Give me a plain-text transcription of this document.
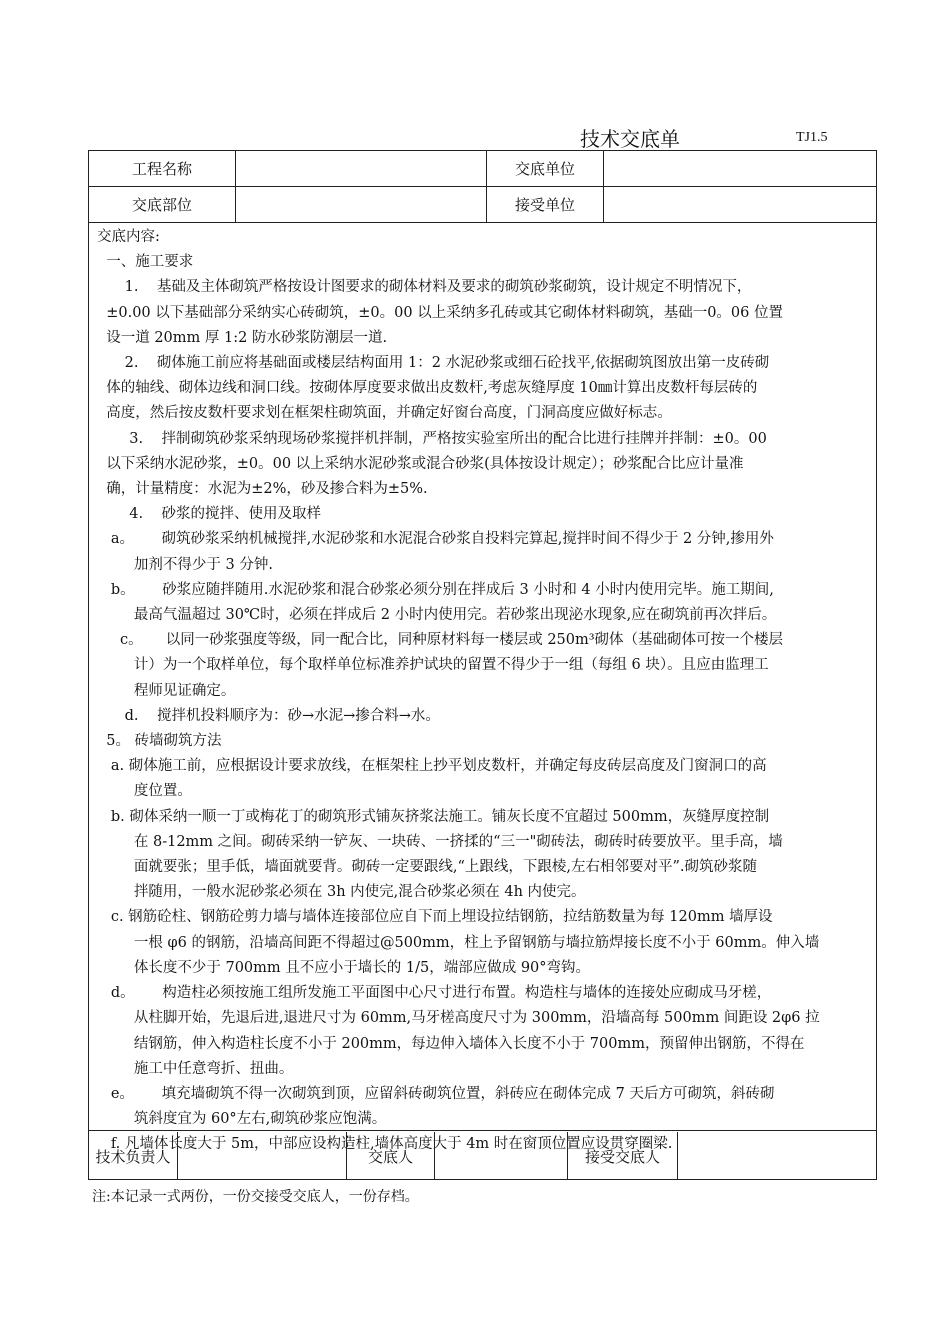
技术交底单	TJ1.5
工程名称	交底单位
交底部位	接受单位

交底内容:

一、施工要求

1.    基础及主体砌筑严格按设计图要求的砌体材料及要求的砌筑砂浆砌筑，设计规定不明情况下，

±0.00 以下基础部分采纳实心砖砌筑，±0。00 以上采纳多孔砖或其它砌体材料砌筑，基础一0。06 位置

设一道 20mm 厚 1:2 防水砂浆防潮层一道.

2.    砌体施工前应将基础面或楼层结构面用 1：2 水泥砂浆或细石砼找平,依据砌筑图放出第一皮砖砌

体的轴线、砌体边线和洞口线。按砌体厚度要求做出皮数杆,考虑灰缝厚度 10㎜计算出皮数杆每层砖的

高度，然后按皮数杆要求划在框架柱砌筑面，并确定好窗台高度，门洞高度应做好标志。

3.    拌制砌筑砂浆采纳现场砂浆搅拌机拌制，严格按实验室所出的配合比进行挂牌并拌制：±0。00

以下采纳水泥砂浆，±0。00 以上采纳水泥砂浆或混合砂浆(具体按设计规定）；砂浆配合比应计量准

确，计量精度：水泥为±2%，砂及掺合料为±5%.

4.    砂浆的搅拌、使用及取样

a。      砌筑砂浆采纳机械搅拌,水泥砂浆和水泥混合砂浆自投料完算起,搅拌时间不得少于 2 分钟,掺用外

加剂不得少于 3 分钟.

b。      砂浆应随拌随用.水泥砂浆和混合砂浆必须分别在拌成后 3 小时和 4 小时内使用完毕。施工期间,

最高气温超过 30℃时，必须在拌成后 2 小时内使用完。若砂浆出现泌水现象,应在砌筑前再次拌后。

c。     以同一砂浆强度等级，同一配合比，同种原材料每一楼层或 250m³砌体（基础砌体可按一个楼层

计）为一个取样单位，每个取样单位标准养护试块的留置不得少于一组（每组 6 块）。且应由监理工

程师见证确定。

d.    搅拌机投料顺序为：砂→水泥→掺合料→水。

5。 砖墙砌筑方法

a. 砌体施工前，应根据设计要求放线，在框架柱上抄平划皮数杆，并确定每皮砖层高度及门窗洞口的高

度位置。

b. 砌体采纳一顺一丁或梅花丁的砌筑形式铺灰挤浆法施工。铺灰长度不宜超过 500mm，灰缝厚度控制

在 8-12mm 之间。砌砖采纳一铲灰、一块砖、一挤揉的“三一"砌砖法，砌砖时砖要放平。里手高，墙

面就要张；里手低，墙面就要背。砌砖一定要跟线,“上跟线，下跟棱,左右相邻要对平”.砌筑砂浆随

拌随用，一般水泥砂浆必须在 3h 内使完,混合砂浆必须在 4h 内使完。

c. 钢筋砼柱、钢筋砼剪力墙与墙体连接部位应自下而上埋设拉结钢筋，拉结筋数量为每 120mm 墙厚设

一根 φ6 的钢筋，沿墙高间距不得超过@500mm，柱上予留钢筋与墙拉筋焊接长度不小于 60mm。伸入墙

体长度不少于 700mm 且不应小于墙长的 1/5，端部应做成 90°弯钩。

d。      构造柱必须按施工组所发施工平面图中心尺寸进行布置。构造柱与墙体的连接处应砌成马牙槎，

从柱脚开始，先退后进,退进尺寸为 60mm,马牙槎高度尺寸为 300mm，沿墙高每 500mm 间距设 2φ6 拉

结钢筋，伸入构造柱长度不小于 200mm，每边伸入墙体入长度不小于 700mm，预留伸出钢筋，不得在

施工中任意弯折、扭曲。

e。      填充墙砌筑不得一次砌筑到顶，应留斜砖砌筑位置，斜砖应在砌体完成 7 天后方可砌筑，斜砖砌

筑斜度宜为 60°左右,砌筑砂浆应饱满。

f. 凡墙体长度大于 5m，中部应设构造柱,墙体高度大于 4m 时在窗顶位置应设贯穿圈梁.

技术负责人	交底人	接受交底人
注:本记录一式两份，一份交接受交底人，一份存档。
